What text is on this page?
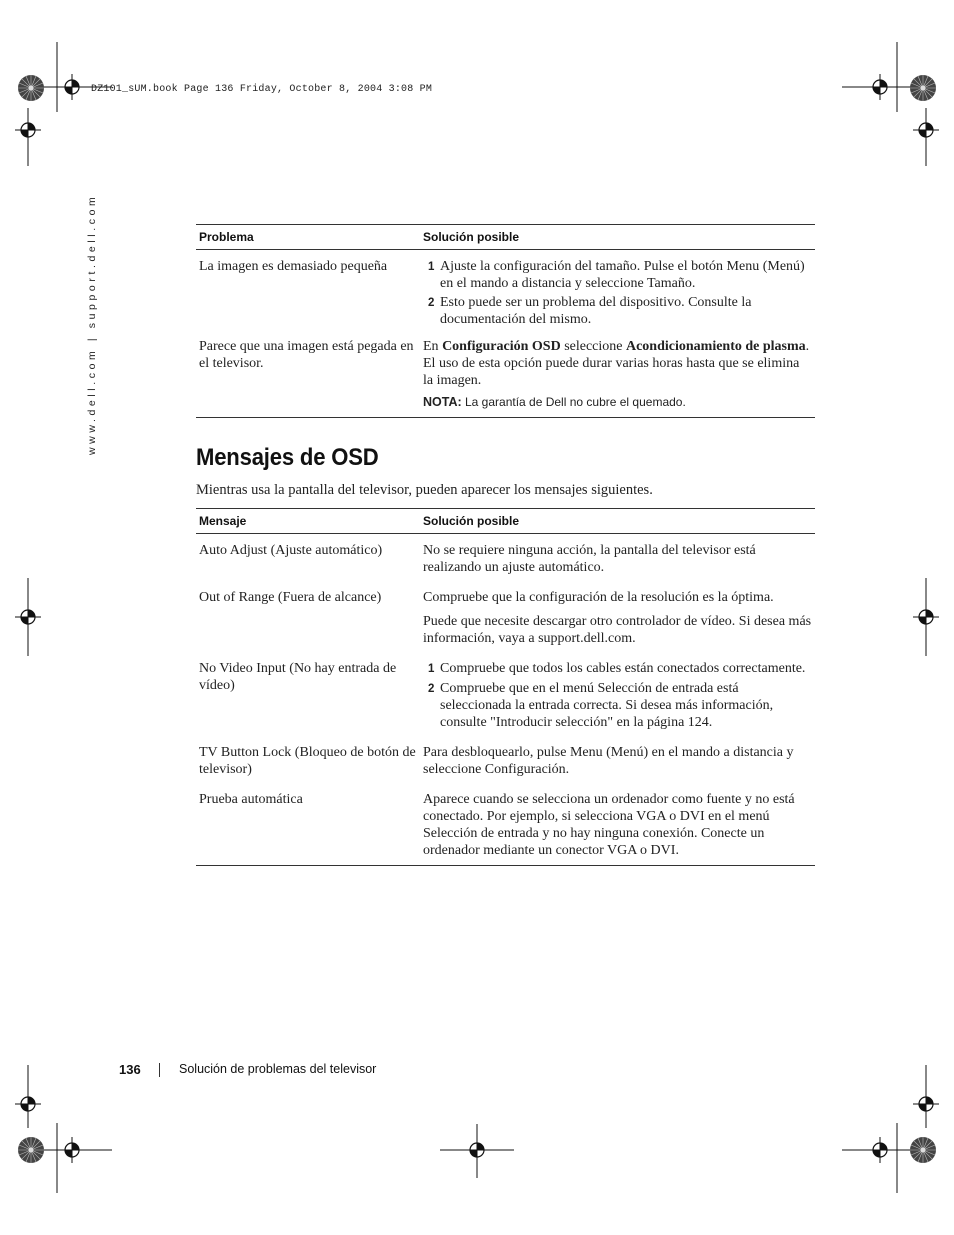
DZ101_sUM.book Page 136 Friday, October 8, 2004 3:08 PM
www.dell.com | support.dell.com	Problema	Solución posible
La imagen es demasiado pequeña	1 Ajuste la configuración del tamaño. Pulse el botón Menu (Menú) en el mando a distancia y seleccione Tamaño.
2 Esto puede ser un problema del dispositivo. Consulte la documentación del mismo.

Parece que una imagen está pegada en el televisor.	En Configuración OSD seleccione Acondicionamiento de plasma. El uso de esta opción puede durar varias horas hasta que se elimina la imagen.

NOTA: La garantía de Dell no cubre el quemado.
Mensajes de OSD

Mientras usa la pantalla del televisor, pueden aparecer los mensajes siguientes.

Mensaje	Solución posible
Auto Adjust (Ajuste automático)	No se requiere ninguna acción, la pantalla del televisor está realizando un ajuste automático.

Out of Range (Fuera de alcance)	Compruebe que la configuración de la resolución es la óptima.

Puede que necesite descargar otro controlador de vídeo. Si desea más información, vaya a support.dell.com.

No Video Input (No hay entrada de vídeo)	1 Compruebe que todos los cables están conectados correctamente.
2 Compruebe que en el menú Selección de entrada está seleccionada la entrada correcta. Si desea más información, consulte "Introducir selección" en la página 124.

TV Button Lock (Bloqueo de botón de televisor)	Para desbloquearlo, pulse Menu (Menú) en el mando a distancia y seleccione Configuración.

Prueba automática	Aparece cuando se selecciona un ordenador como fuente y no está conectado. Por ejemplo, si selecciona VGA o DVI en el menú Selección de entrada y no hay ninguna conexión. Conecte un ordenador mediante un conector VGA o DVI.

136	Solución de problemas del televisor
